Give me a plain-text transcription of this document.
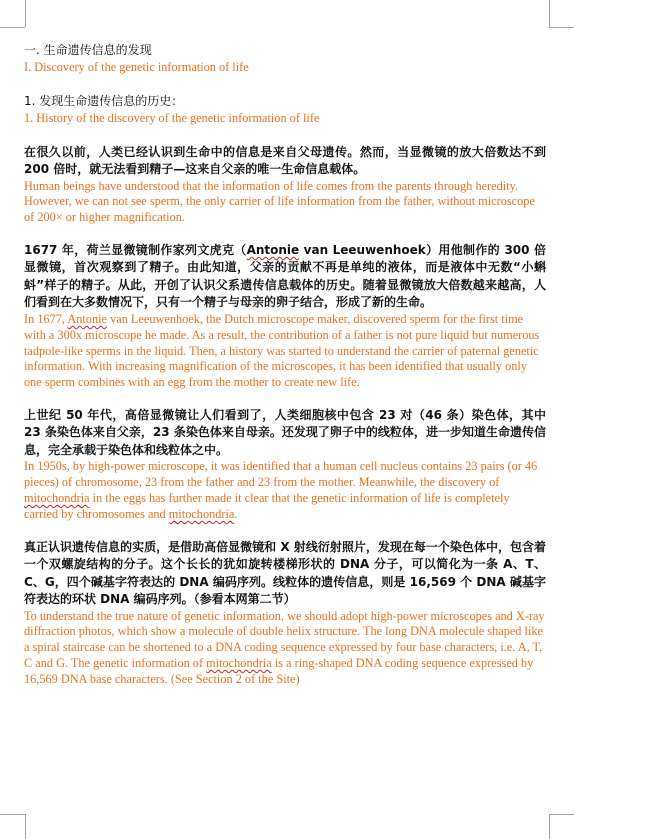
一. 生命遗传信息的发现

I. Discovery of the genetic information of life

1. 发现生命遗传信息的历史：

1. History of the discovery of the genetic information of life

在很久以前，人类已经认识到生命中的信息是来自父母遗传。然而，当显微镜的放大倍数达不到 200 倍时，就无法看到精子—这来自父亲的唯一生命信息载体。

Human beings have understood that the information of life comes from the parents through heredity. However, we can not see sperm, the only carrier of life information from the father, without microscope of 200× or higher magnification.

1677 年，荷兰显微镜制作家列文虎克（Antonie van Leeuwenhoek）用他制作的 300 倍显微镜，首次观察到了精子。由此知道，父亲的贡献不再是单纯的液体，而是液体中无数“小蝌蚪”样子的精子。从此，开创了认识父系遗传信息载体的历史。随着显微镜放大倍数越来越高，人们看到在大多数情况下，只有一个精子与母亲的卵子结合，形成了新的生命。

In 1677, Antonie van Leeuwenhoek, the Dutch microscope maker, discovered sperm for the first time with a 300x microscope he made. As a result, the contribution of a father is not pure liquid but numerous tadpole-like sperms in the liquid. Then, a history was started to understand the carrier of paternal genetic information. With increasing magnification of the microscopes, it has been identified that usually only one sperm combines with an egg from the mother to create new life.

上世纪 50 年代，高倍显微镜让人们看到了，人类细胞核中包含 23 对（46 条）染色体，其中 23 条染色体来自父亲，23 条染色体来自母亲。还发现了卵子中的线粒体，进一步知道生命遗传信息，完全承载于染色体和线粒体之中。

In 1950s, by high-power microscope, it was identified that a human cell nucleus contains 23 pairs (or 46 pieces) of chromosome, 23 from the father and 23 from the mother. Meanwhile, the discovery of mitochondria in the eggs has further made it clear that the genetic information of life is completely carried by chromosomes and mitochondria.

真正认识遗传信息的实质，是借助高倍显微镜和 X 射线衍射照片，发现在每一个染色体中，包含着一个双螺旋结构的分子。这个长长的犹如旋转楼梯形状的 DNA 分子，可以简化为一条 A、T、C、G，四个碱基字符表达的 DNA 编码序列。线粒体的遗传信息，则是 16,569 个 DNA 碱基字符表达的环状 DNA 编码序列。（参看本网第二节）

To understand the true nature of genetic information, we should adopt high-power microscopes and X-ray diffraction photos, which show a molecule of double helix structure. The long DNA molecule shaped like a spiral staircase can be shortened to a DNA coding sequence expressed by four base characters, i.e. A, T, C and G. The genetic information of mitochondria is a ring-shaped DNA coding sequence expressed by 16,569 DNA base characters. (See Section 2 of the Site)
